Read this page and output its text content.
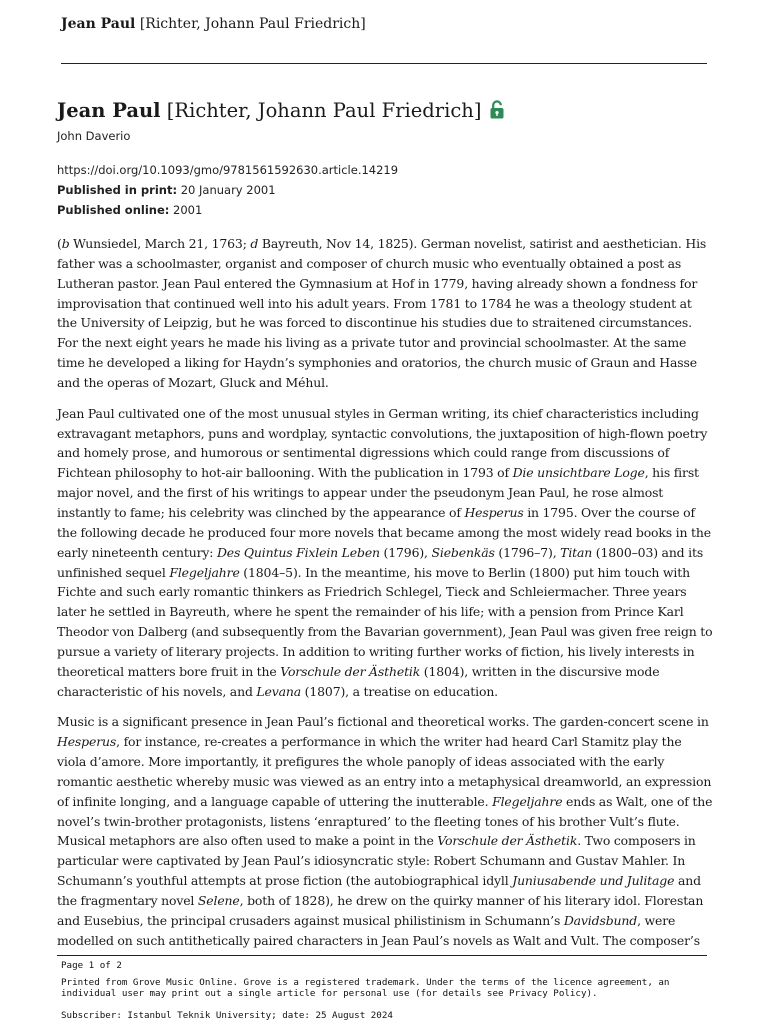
Jean Paul [Richter, Johann Paul Friedrich]
Jean Paul [Richter, Johann Paul Friedrich]
John Daverio
https://doi.org/10.1093/gmo/9781561592630.article.14219
Published in print: 20 January 2001
Published online: 2001

(b Wunsiedel, March 21, 1763; d Bayreuth, Nov 14, 1825). German novelist, satirist and aesthetician. His father was a schoolmaster, organist and composer of church music who eventually obtained a post as Lutheran pastor. Jean Paul entered the Gymnasium at Hof in 1779, having already shown a fondness for improvisation that continued well into his adult years. From 1781 to 1784 he was a theology student at the University of Leipzig, but he was forced to discontinue his studies due to straitened circumstances. For the next eight years he made his living as a private tutor and provincial schoolmaster. At the same time he developed a liking for Haydn’s symphonies and oratorios, the church music of Graun and Hasse and the operas of Mozart, Gluck and Méhul.

Jean Paul cultivated one of the most unusual styles in German writing, its chief characteristics including extravagant metaphors, puns and wordplay, syntactic convolutions, the juxtaposition of high-flown poetry and homely prose, and humorous or sentimental digressions which could range from discussions of Fichtean philosophy to hot-air ballooning. With the publication in 1793 of Die unsichtbare Loge, his first major novel, and the first of his writings to appear under the pseudonym Jean Paul, he rose almost instantly to fame; his celebrity was clinched by the appearance of Hesperus in 1795. Over the course of the following decade he produced four more novels that became among the most widely read books in the early nineteenth century: Des Quintus Fixlein Leben (1796), Siebenkäs (1796–7), Titan (1800–03) and its unfinished sequel Flegeljahre (1804–5). In the meantime, his move to Berlin (1800) put him touch with Fichte and such early romantic thinkers as Friedrich Schlegel, Tieck and Schleiermacher. Three years later he settled in Bayreuth, where he spent the remainder of his life; with a pension from Prince Karl Theodor von Dalberg (and subsequently from the Bavarian government), Jean Paul was given free reign to pursue a variety of literary projects. In addition to writing further works of fiction, his lively interests in theoretical matters bore fruit in the Vorschule der Ästhetik (1804), written in the discursive mode characteristic of his novels, and Levana (1807), a treatise on education.

Music is a significant presence in Jean Paul’s fictional and theoretical works. The garden-concert scene in Hesperus, for instance, re-creates a performance in which the writer had heard Carl Stamitz play the viola d’amore. More importantly, it prefigures the whole panoply of ideas associated with the early romantic aesthetic whereby music was viewed as an entry into a metaphysical dreamworld, an expression of infinite longing, and a language capable of uttering the inutterable. Flegeljahre ends as Walt, one of the novel’s twin-brother protagonists, listens ‘enraptured’ to the fleeting tones of his brother Vult’s flute. Musical metaphors are also often used to make a point in the Vorschule der Ästhetik. Two composers in particular were captivated by Jean Paul’s idiosyncratic style: Robert Schumann and Gustav Mahler. In Schumann’s youthful attempts at prose fiction (the autobiographical idyll Juniusabende und Julitage and the fragmentary novel Selene, both of 1828), he drew on the quirky manner of his literary idol. Florestan and Eusebius, the principal crusaders against musical philistinism in Schumann’s Davidsbund, were modelled on such antithetically paired characters in Jean Paul’s novels as Walt and Vult. The composer’s

Page 1 of 2
Printed from Grove Music Online. Grove is a registered trademark. Under the terms of the licence agreement, an individual user may print out a single article for personal use (for details see Privacy Policy).
Subscriber: Istanbul Teknik University; date: 25 August 2024
